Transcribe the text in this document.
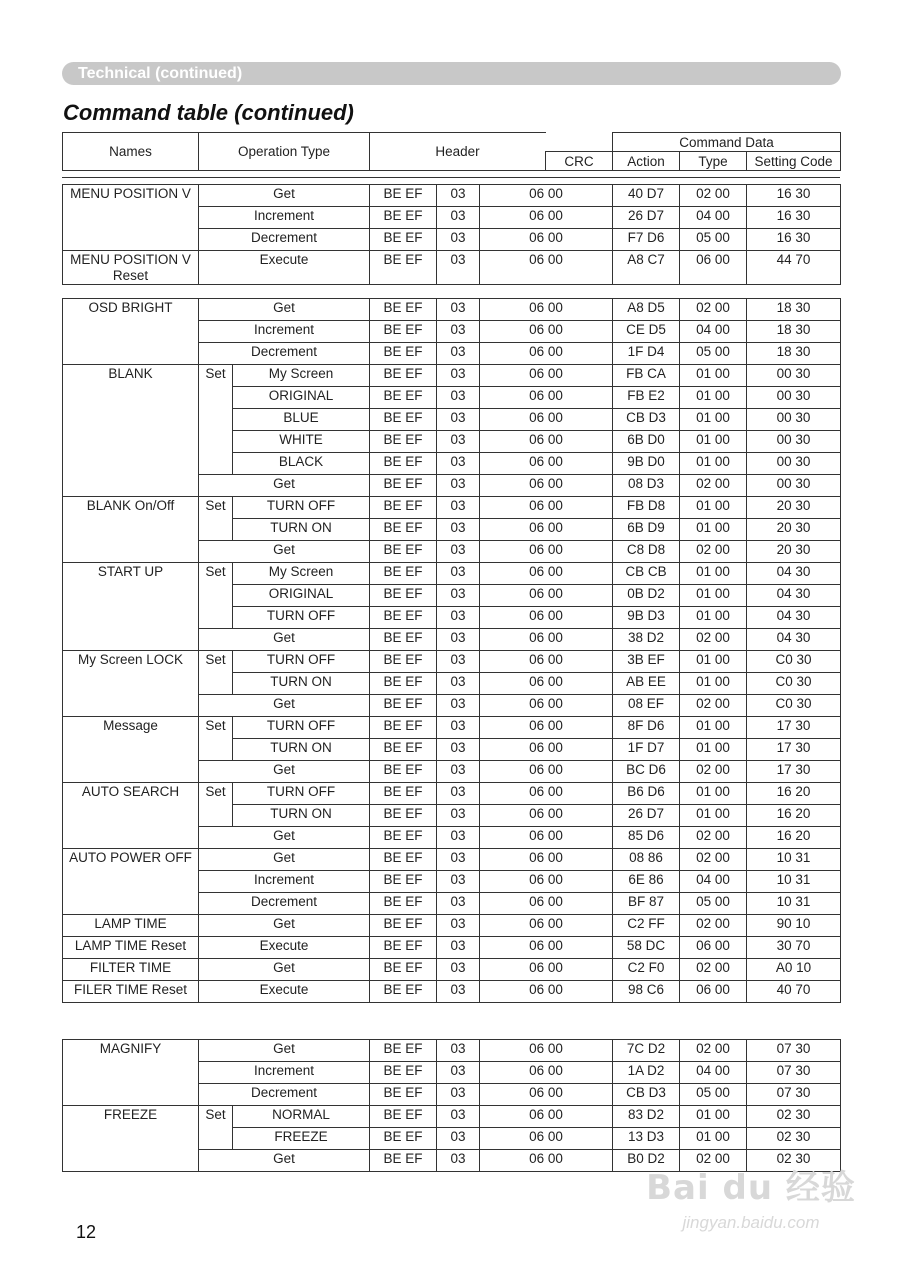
Technical (continued)
Command table (continued)
Names	Operation Type	Header		Command Data		
			CRC	Action	Type	Setting Code
MENU POSITION V	Get	BE EF	03	06 00	40 D7	02 00	16 30	
	Increment	BE EF	03	06 00	26 D7	04 00	16 30	
	Decrement	BE EF	03	06 00	F7 D6	05 00	16 30	
MENU POSITION V Reset	Execute	BE EF	03	06 00	A8 C7	06 00	44 70	
OSD BRIGHT	Get		BE EF	03	06 00	A8 D5	02 00	18 30	
	Increment		BE EF	03	06 00	CE D5	04 00	18 30	
	Decrement		BE EF	03	06 00	1F D4	05 00	18 30	
BLANK	Set	My Screen	BE EF	03	06 00	FB CA	01 00	00 30	
		ORIGINAL	BE EF	03	06 00	FB E2	01 00	00 30	
		BLUE	BE EF	03	06 00	CB D3	01 00	00 30	
		WHITE	BE EF	03	06 00	6B D0	01 00	00 30	
		BLACK	BE EF	03	06 00	9B D0	01 00	00 30	
	Get		BE EF	03	06 00	08 D3	02 00	00 30	
BLANK On/Off	Set	TURN OFF	BE EF	03	06 00	FB D8	01 00	20 30	
		TURN ON	BE EF	03	06 00	6B D9	01 00	20 30	
	Get		BE EF	03	06 00	C8 D8	02 00	20 30	
START UP	Set	My Screen	BE EF	03	06 00	CB CB	01 00	04 30	
		ORIGINAL	BE EF	03	06 00	0B D2	01 00	04 30	
		TURN OFF	BE EF	03	06 00	9B D3	01 00	04 30	
	Get		BE EF	03	06 00	38 D2	02 00	04 30	
My Screen LOCK	Set	TURN OFF	BE EF	03	06 00	3B EF	01 00	C0 30	
		TURN ON	BE EF	03	06 00	AB EE	01 00	C0 30	
	Get		BE EF	03	06 00	08 EF	02 00	C0 30	
Message	Set	TURN OFF	BE EF	03	06 00	8F D6	01 00	17 30	
		TURN ON	BE EF	03	06 00	1F D7	01 00	17 30	
	Get		BE EF	03	06 00	BC D6	02 00	17 30	
AUTO SEARCH	Set	TURN OFF	BE EF	03	06 00	B6 D6	01 00	16 20	
		TURN ON	BE EF	03	06 00	26 D7	01 00	16 20	
	Get		BE EF	03	06 00	85 D6	02 00	16 20	
AUTO POWER OFF	Get		BE EF	03	06 00	08 86	02 00	10 31	
	Increment		BE EF	03	06 00	6E 86	04 00	10 31	
	Decrement		BE EF	03	06 00	BF 87	05 00	10 31	
LAMP TIME	Get		BE EF	03	06 00	C2 FF	02 00	90 10	
LAMP TIME Reset	Execute		BE EF	03	06 00	58 DC	06 00	30 70	
FILTER TIME	Get		BE EF	03	06 00	C2 F0	02 00	A0 10	
FILER TIME Reset	Execute		BE EF	03	06 00	98 C6	06 00	40 70	
MAGNIFY	Get		BE EF	03	06 00	7C D2	02 00	07 30	
	Increment		BE EF	03	06 00	1A D2	04 00	07 30	
	Decrement		BE EF	03	06 00	CB D3	05 00	07 30	
FREEZE	Set	NORMAL	BE EF	03	06 00	83 D2	01 00	02 30	
		FREEZE	BE EF	03	06 00	13 D3	01 00	02 30	
	Get		BE EF	03	06 00	B0 D2	02 00	02 30	
12
Bai du 经验
jingyan.baidu.com
